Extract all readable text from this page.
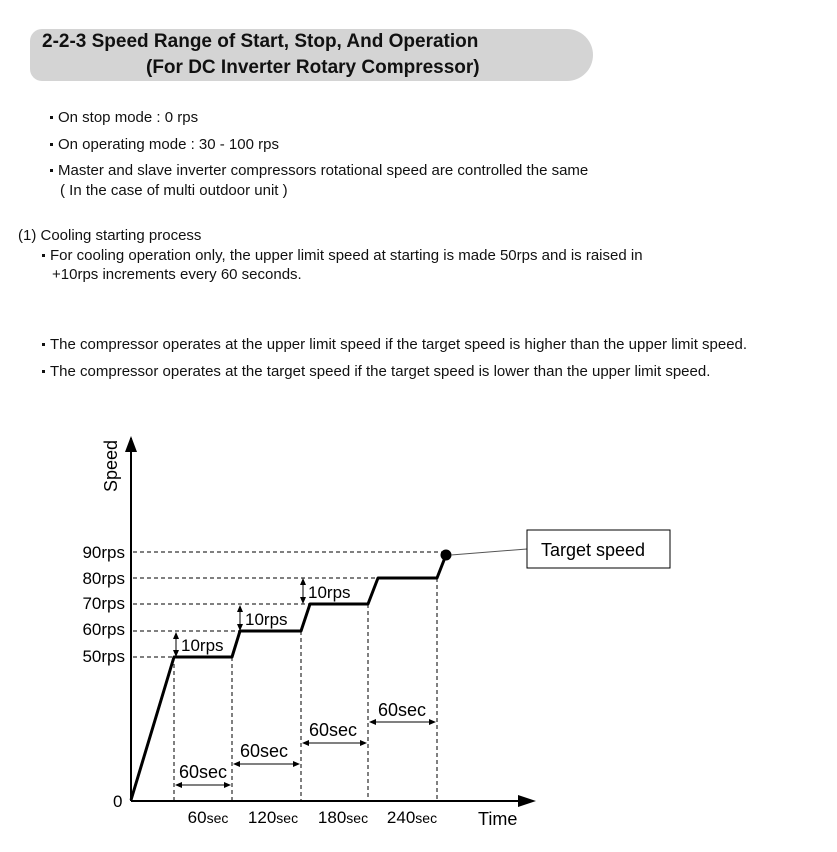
2-2-3 Speed Range of Start, Stop, And Operation
(For DC Inverter Rotary Compressor)
On stop mode : 0 rps
On operating mode : 30 - 100 rps
Master and slave inverter compressors rotational speed are controlled the same
( In the case of multi outdoor unit )
(1) Cooling starting process
For cooling operation only, the upper limit speed at starting is made 50rps and is raised in
+10rps increments every 60 seconds.
The compressor operates at the upper limit speed if the target speed is higher than the upper limit speed.
The compressor operates at the target speed if the target speed is lower than the upper limit speed.
Speed
Time
0
90rps
80rps
70rps
60rps
50rps
Target speed
10rps
10rps
10rps
60sec
60sec
60sec
60sec
60sec 120sec 180sec 240sec
